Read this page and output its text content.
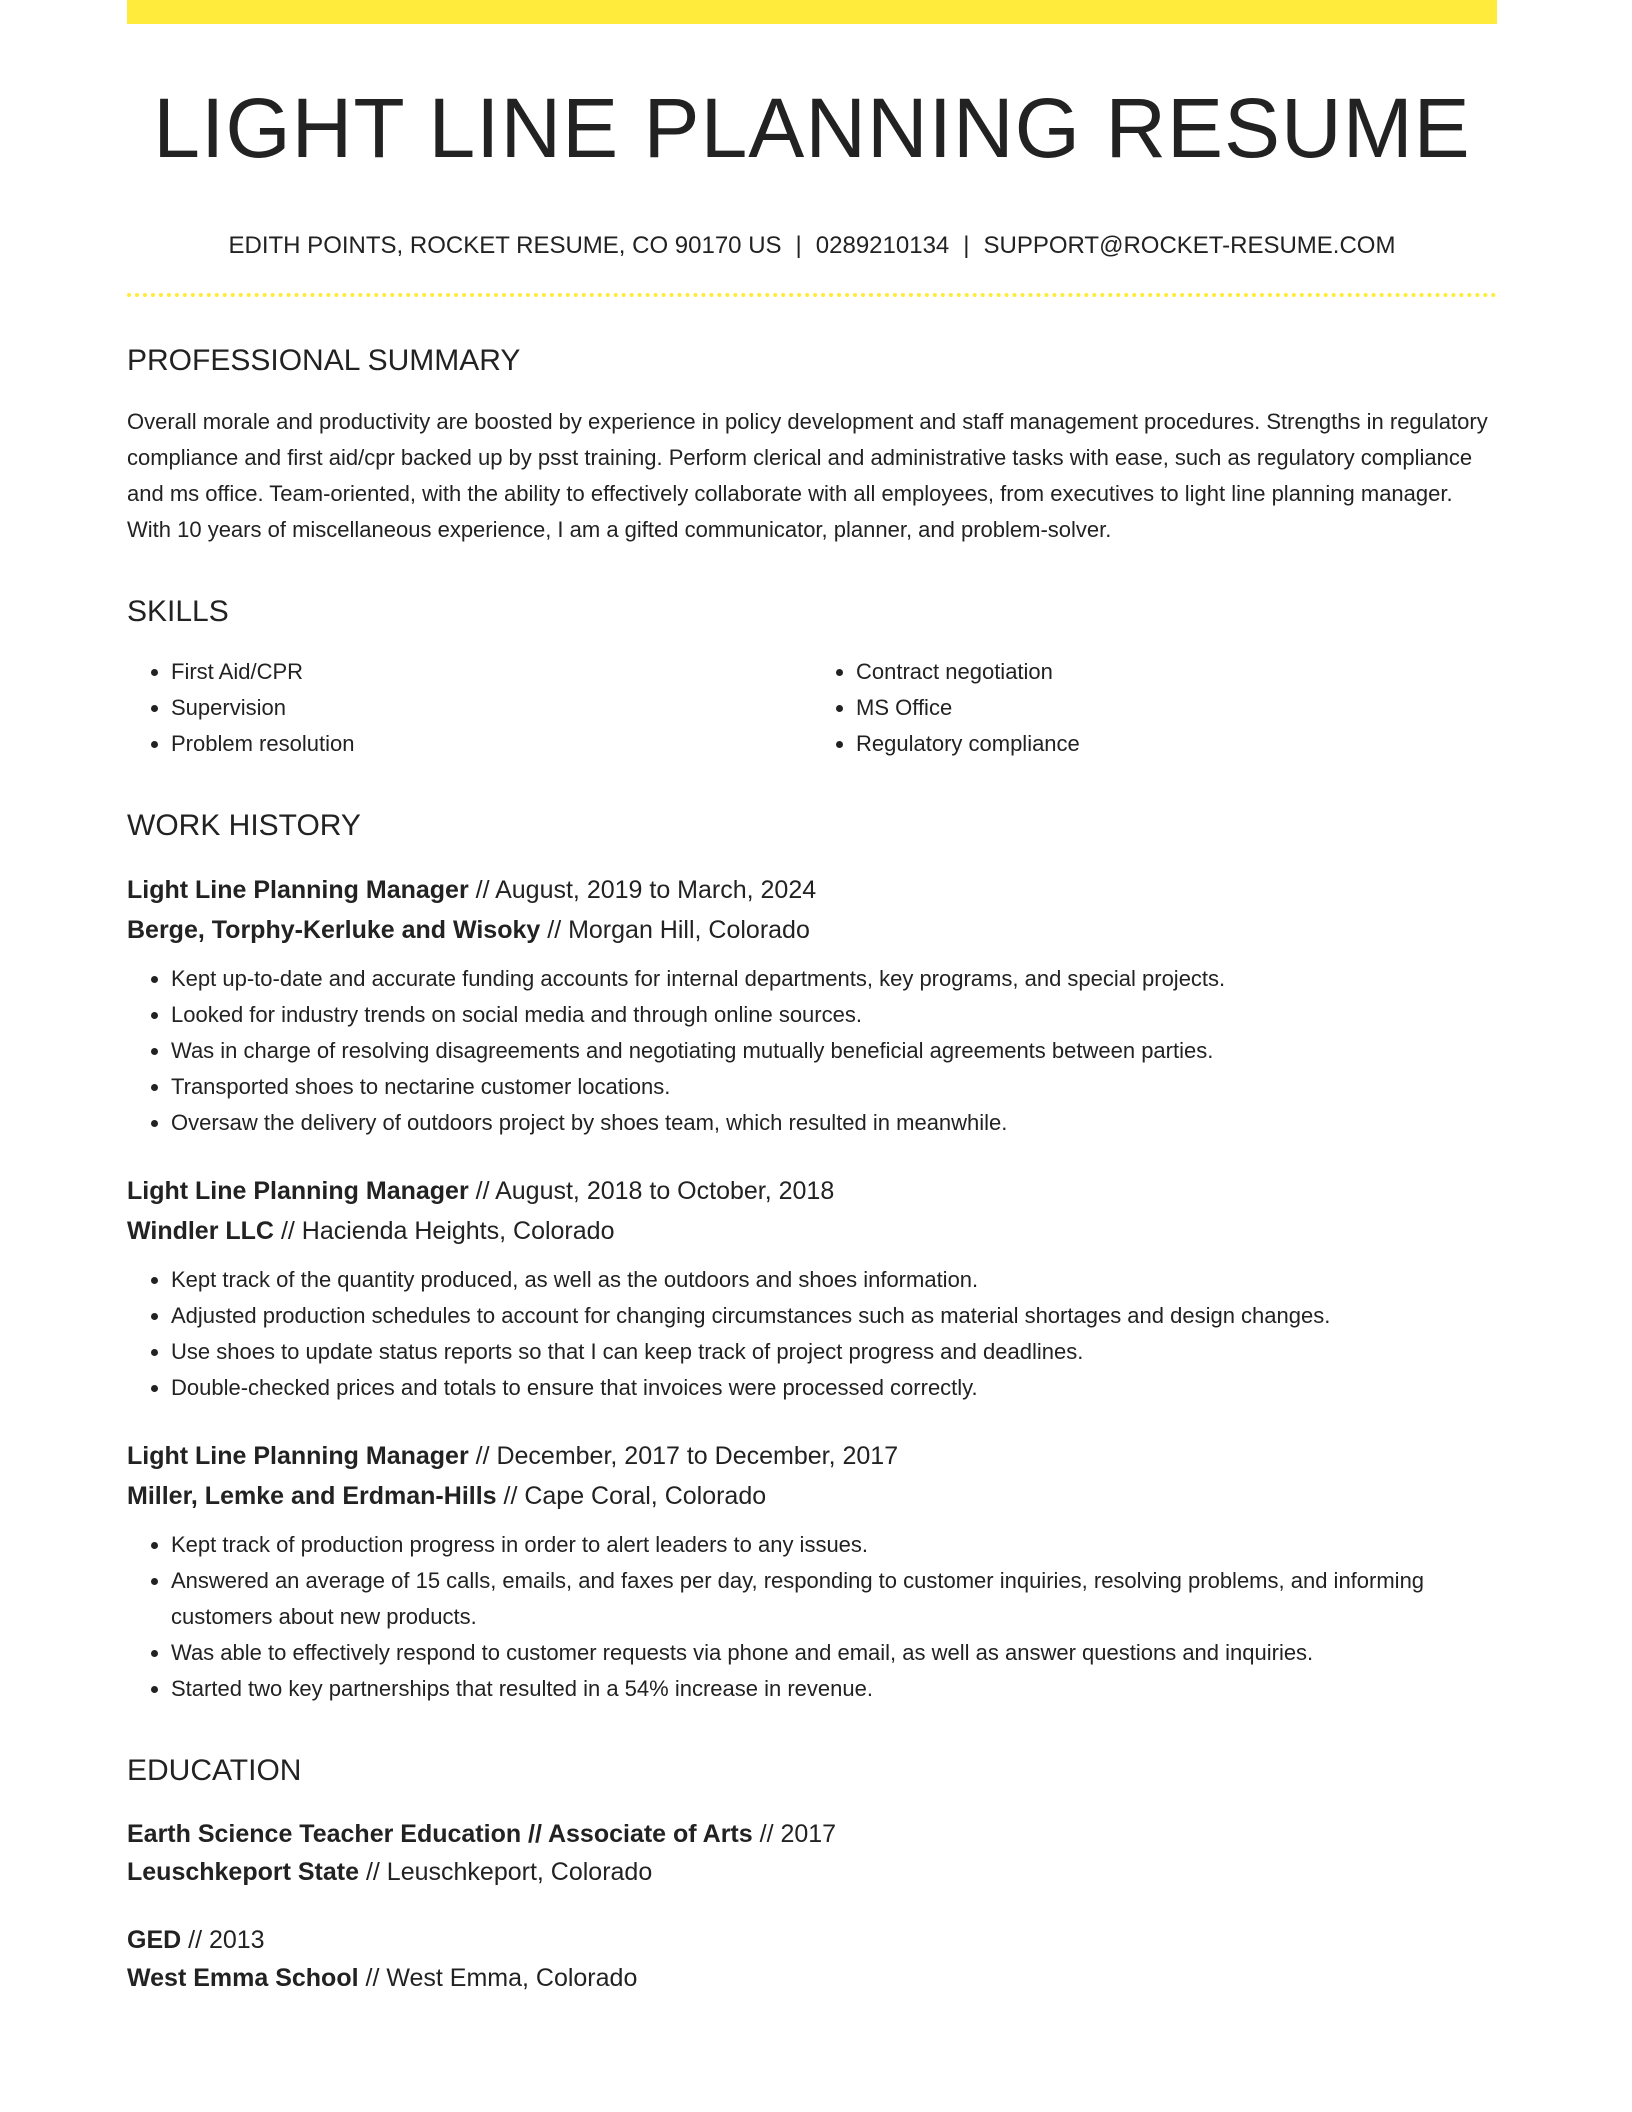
LIGHT LINE PLANNING RESUME
EDITH POINTS, ROCKET RESUME, CO 90170 US | 0289210134 | SUPPORT@ROCKET-RESUME.COM
PROFESSIONAL SUMMARY
Overall morale and productivity are boosted by experience in policy development and staff management procedures. Strengths in regulatory compliance and first aid/cpr backed up by psst training. Perform clerical and administrative tasks with ease, such as regulatory compliance and ms office. Team-oriented, with the ability to effectively collaborate with all employees, from executives to light line planning manager. With 10 years of miscellaneous experience, I am a gifted communicator, planner, and problem-solver.
SKILLS
• First Aid/CPR
• Supervision
• Problem resolution
• Contract negotiation
• MS Office
• Regulatory compliance
WORK HISTORY
Light Line Planning Manager // August, 2019 to March, 2024
Berge, Torphy-Kerluke and Wisoky // Morgan Hill, Colorado
• Kept up-to-date and accurate funding accounts for internal departments, key programs, and special projects.
• Looked for industry trends on social media and through online sources.
• Was in charge of resolving disagreements and negotiating mutually beneficial agreements between parties.
• Transported shoes to nectarine customer locations.
• Oversaw the delivery of outdoors project by shoes team, which resulted in meanwhile.
Light Line Planning Manager // August, 2018 to October, 2018
Windler LLC // Hacienda Heights, Colorado
• Kept track of the quantity produced, as well as the outdoors and shoes information.
• Adjusted production schedules to account for changing circumstances such as material shortages and design changes.
• Use shoes to update status reports so that I can keep track of project progress and deadlines.
• Double-checked prices and totals to ensure that invoices were processed correctly.
Light Line Planning Manager // December, 2017 to December, 2017
Miller, Lemke and Erdman-Hills // Cape Coral, Colorado
• Kept track of production progress in order to alert leaders to any issues.
• Answered an average of 15 calls, emails, and faxes per day, responding to customer inquiries, resolving problems, and informing customers about new products.
• Was able to effectively respond to customer requests via phone and email, as well as answer questions and inquiries.
• Started two key partnerships that resulted in a 54% increase in revenue.
EDUCATION
Earth Science Teacher Education // Associate of Arts // 2017
Leuschkeport State // Leuschkeport, Colorado
GED // 2013
West Emma School // West Emma, Colorado
